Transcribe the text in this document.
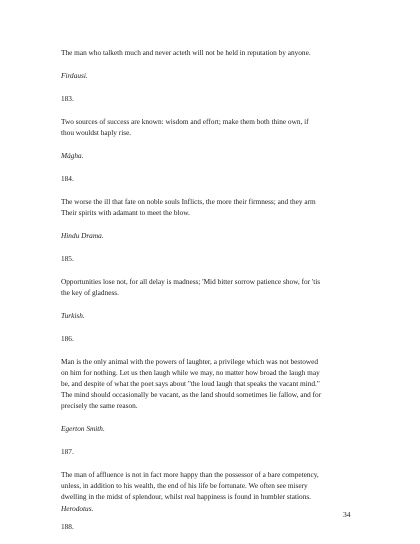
The man who talketh much and never acteth will not be held in reputation by anyone.

Firdausi.

183.

Two sources of success are known: wisdom and effort; make them both thine own, if

thou wouldst haply rise.

Mágha.

184.

The worse the ill that fate on noble souls Inflicts, the more their firmness; and they arm

Their spirits with adamant to meet the blow.

Hindu Drama.

185.

Opportunities lose not, for all delay is madness; 'Mid bitter sorrow patience show, for 'tis

the key of gladness.

Turkish.

186.

Man is the only animal with the powers of laughter, a privilege which was not bestowed

on him for nothing. Let us then laugh while we may, no matter how broad the laugh may

be, and despite of what the poet says about "the loud laugh that speaks the vacant mind."

The mind should occasionally be vacant, as the land should sometimes lie fallow, and for

precisely the same reason.

Egerton Smith.

187.

The man of affluence is not in fact more happy than the possessor of a bare competency,

unless, in addition to his wealth, the end of his life be fortunate. We often see misery

dwelling in the midst of splendour, whilst real happiness is found in humbler stations.

Herodotus.

188.

34
